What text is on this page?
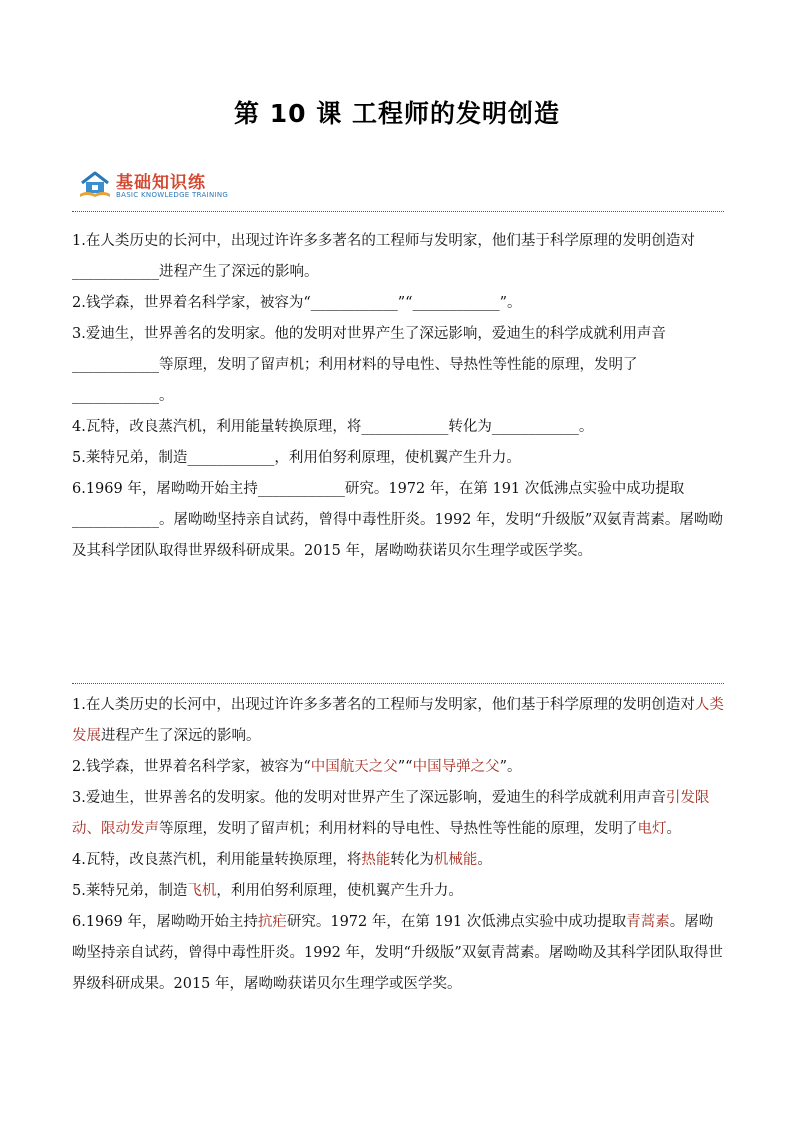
第 10 课 工程师的发明创造
基础知识练
BASIC KNOWLEDGE TRAINING

1.在人类历史的长河中，出现过许许多多著名的工程师与发明家，他们基于科学原理的发明创造对____________进程产生了深远的影响。

2.钱学森，世界着名科学家，被容为“____________”“____________”。

3.爱迪生，世界善名的发明家。他的发明对世界产生了深远影响，爱迪生的科学成就利用声音____________等原理，发明了留声机；利用材料的导电性、导热性等性能的原理，发明了____________。

4.瓦特，改良蒸汽机，利用能量转换原理，将____________转化为____________。

5.莱特兄弟，制造____________，利用伯努利原理，使机翼产生升力。

6.1969 年，屠呦呦开始主持____________研究。1972 年，在第 191 次低沸点实验中成功提取____________。屠呦呦坚持亲自试药，曾得中毒性肝炎。1992 年，发明“升级版”双氨青蒿素。屠呦呦及其科学团队取得世界级科研成果。2015 年，屠呦呦获诺贝尔生理学或医学奖。

1.在人类历史的长河中，出现过许许多多著名的工程师与发明家，他们基于科学原理的发明创造对人类发展进程产生了深远的影响。

2.钱学森，世界着名科学家，被容为“中国航天之父”“中国导弹之父”。

3.爱迪生，世界善名的发明家。他的发明对世界产生了深远影响，爱迪生的科学成就利用声音引发限动、限动发声等原理，发明了留声机；利用材料的导电性、导热性等性能的原理，发明了电灯。

4.瓦特，改良蒸汽机，利用能量转换原理，将热能转化为机械能。

5.莱特兄弟，制造飞机，利用伯努利原理，使机翼产生升力。

6.1969 年，屠呦呦开始主持抗疟研究。1972 年，在第 191 次低沸点实验中成功提取青蒿素。屠呦呦坚持亲自试药，曾得中毒性肝炎。1992 年，发明“升级版”双氨青蒿素。屠呦呦及其科学团队取得世界级科研成果。2015 年，屠呦呦获诺贝尔生理学或医学奖。
